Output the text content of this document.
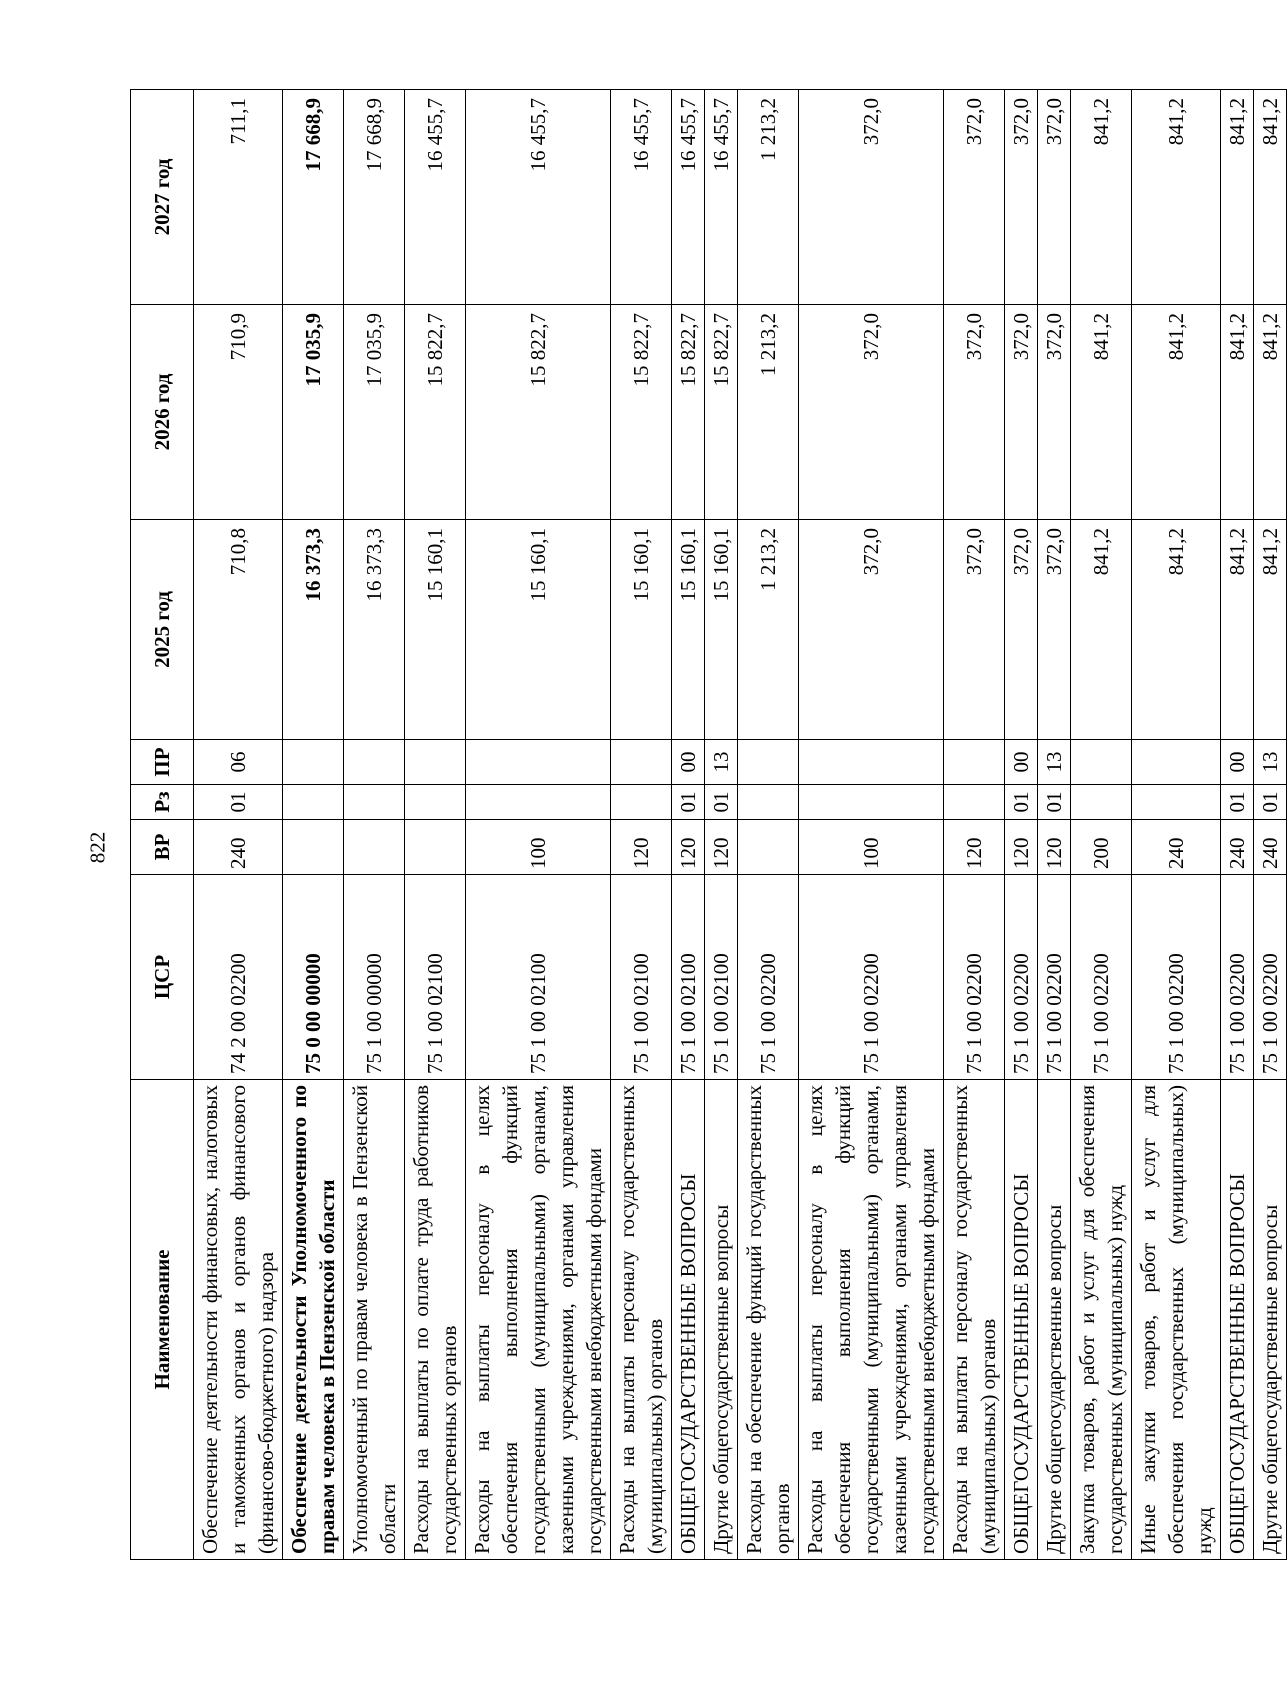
822
Наименование	ЦСР	ВР	Рз	ПР	2025 год	2026 год	2027 год
Обеспечение деятельности финансовых, налоговых и таможенных органов и органов финансового (финансово-бюджетного) надзора	74 2 00 02200	240	01	06	710,8	710,9	711,1
Обеспечение деятельности Уполномоченного по правам человека в Пензенской области	75 0 00 00000				16 373,3	17 035,9	17 668,9
Уполномоченный по правам человека в Пензенской области	75 1 00 00000				16 373,3	17 035,9	17 668,9
Расходы на выплаты по оплате труда работников государственных органов	75 1 00 02100				15 160,1	15 822,7	16 455,7
Расходы на выплаты персоналу в целях обеспечения выполнения функций государственными (муниципальными) органами, казенными учреждениями, органами управления государственными внебюджетными фондами	75 1 00 02100	100			15 160,1	15 822,7	16 455,7
Расходы на выплаты персоналу государственных (муниципальных) органов	75 1 00 02100	120			15 160,1	15 822,7	16 455,7
ОБЩЕГОСУДАРСТВЕННЫЕ ВОПРОСЫ	75 1 00 02100	120	01	00	15 160,1	15 822,7	16 455,7
Другие общегосударственные вопросы	75 1 00 02100	120	01	13	15 160,1	15 822,7	16 455,7
Расходы на обеспечение функций государственных органов	75 1 00 02200				1 213,2	1 213,2	1 213,2
Расходы на выплаты персоналу в целях обеспечения выполнения функций государственными (муниципальными) органами, казенными учреждениями, органами управления государственными внебюджетными фондами	75 1 00 02200	100			372,0	372,0	372,0
Расходы на выплаты персоналу государственных (муниципальных) органов	75 1 00 02200	120			372,0	372,0	372,0
ОБЩЕГОСУДАРСТВЕННЫЕ ВОПРОСЫ	75 1 00 02200	120	01	00	372,0	372,0	372,0
Другие общегосударственные вопросы	75 1 00 02200	120	01	13	372,0	372,0	372,0
Закупка товаров, работ и услуг для обеспечения государственных (муниципальных) нужд	75 1 00 02200	200			841,2	841,2	841,2
Иные закупки товаров, работ и услуг для обеспечения государственных (муниципальных) нужд	75 1 00 02200	240			841,2	841,2	841,2
ОБЩЕГОСУДАРСТВЕННЫЕ ВОПРОСЫ	75 1 00 02200	240	01	00	841,2	841,2	841,2
Другие общегосударственные вопросы	75 1 00 02200	240	01	13	841,2	841,2	841,2
